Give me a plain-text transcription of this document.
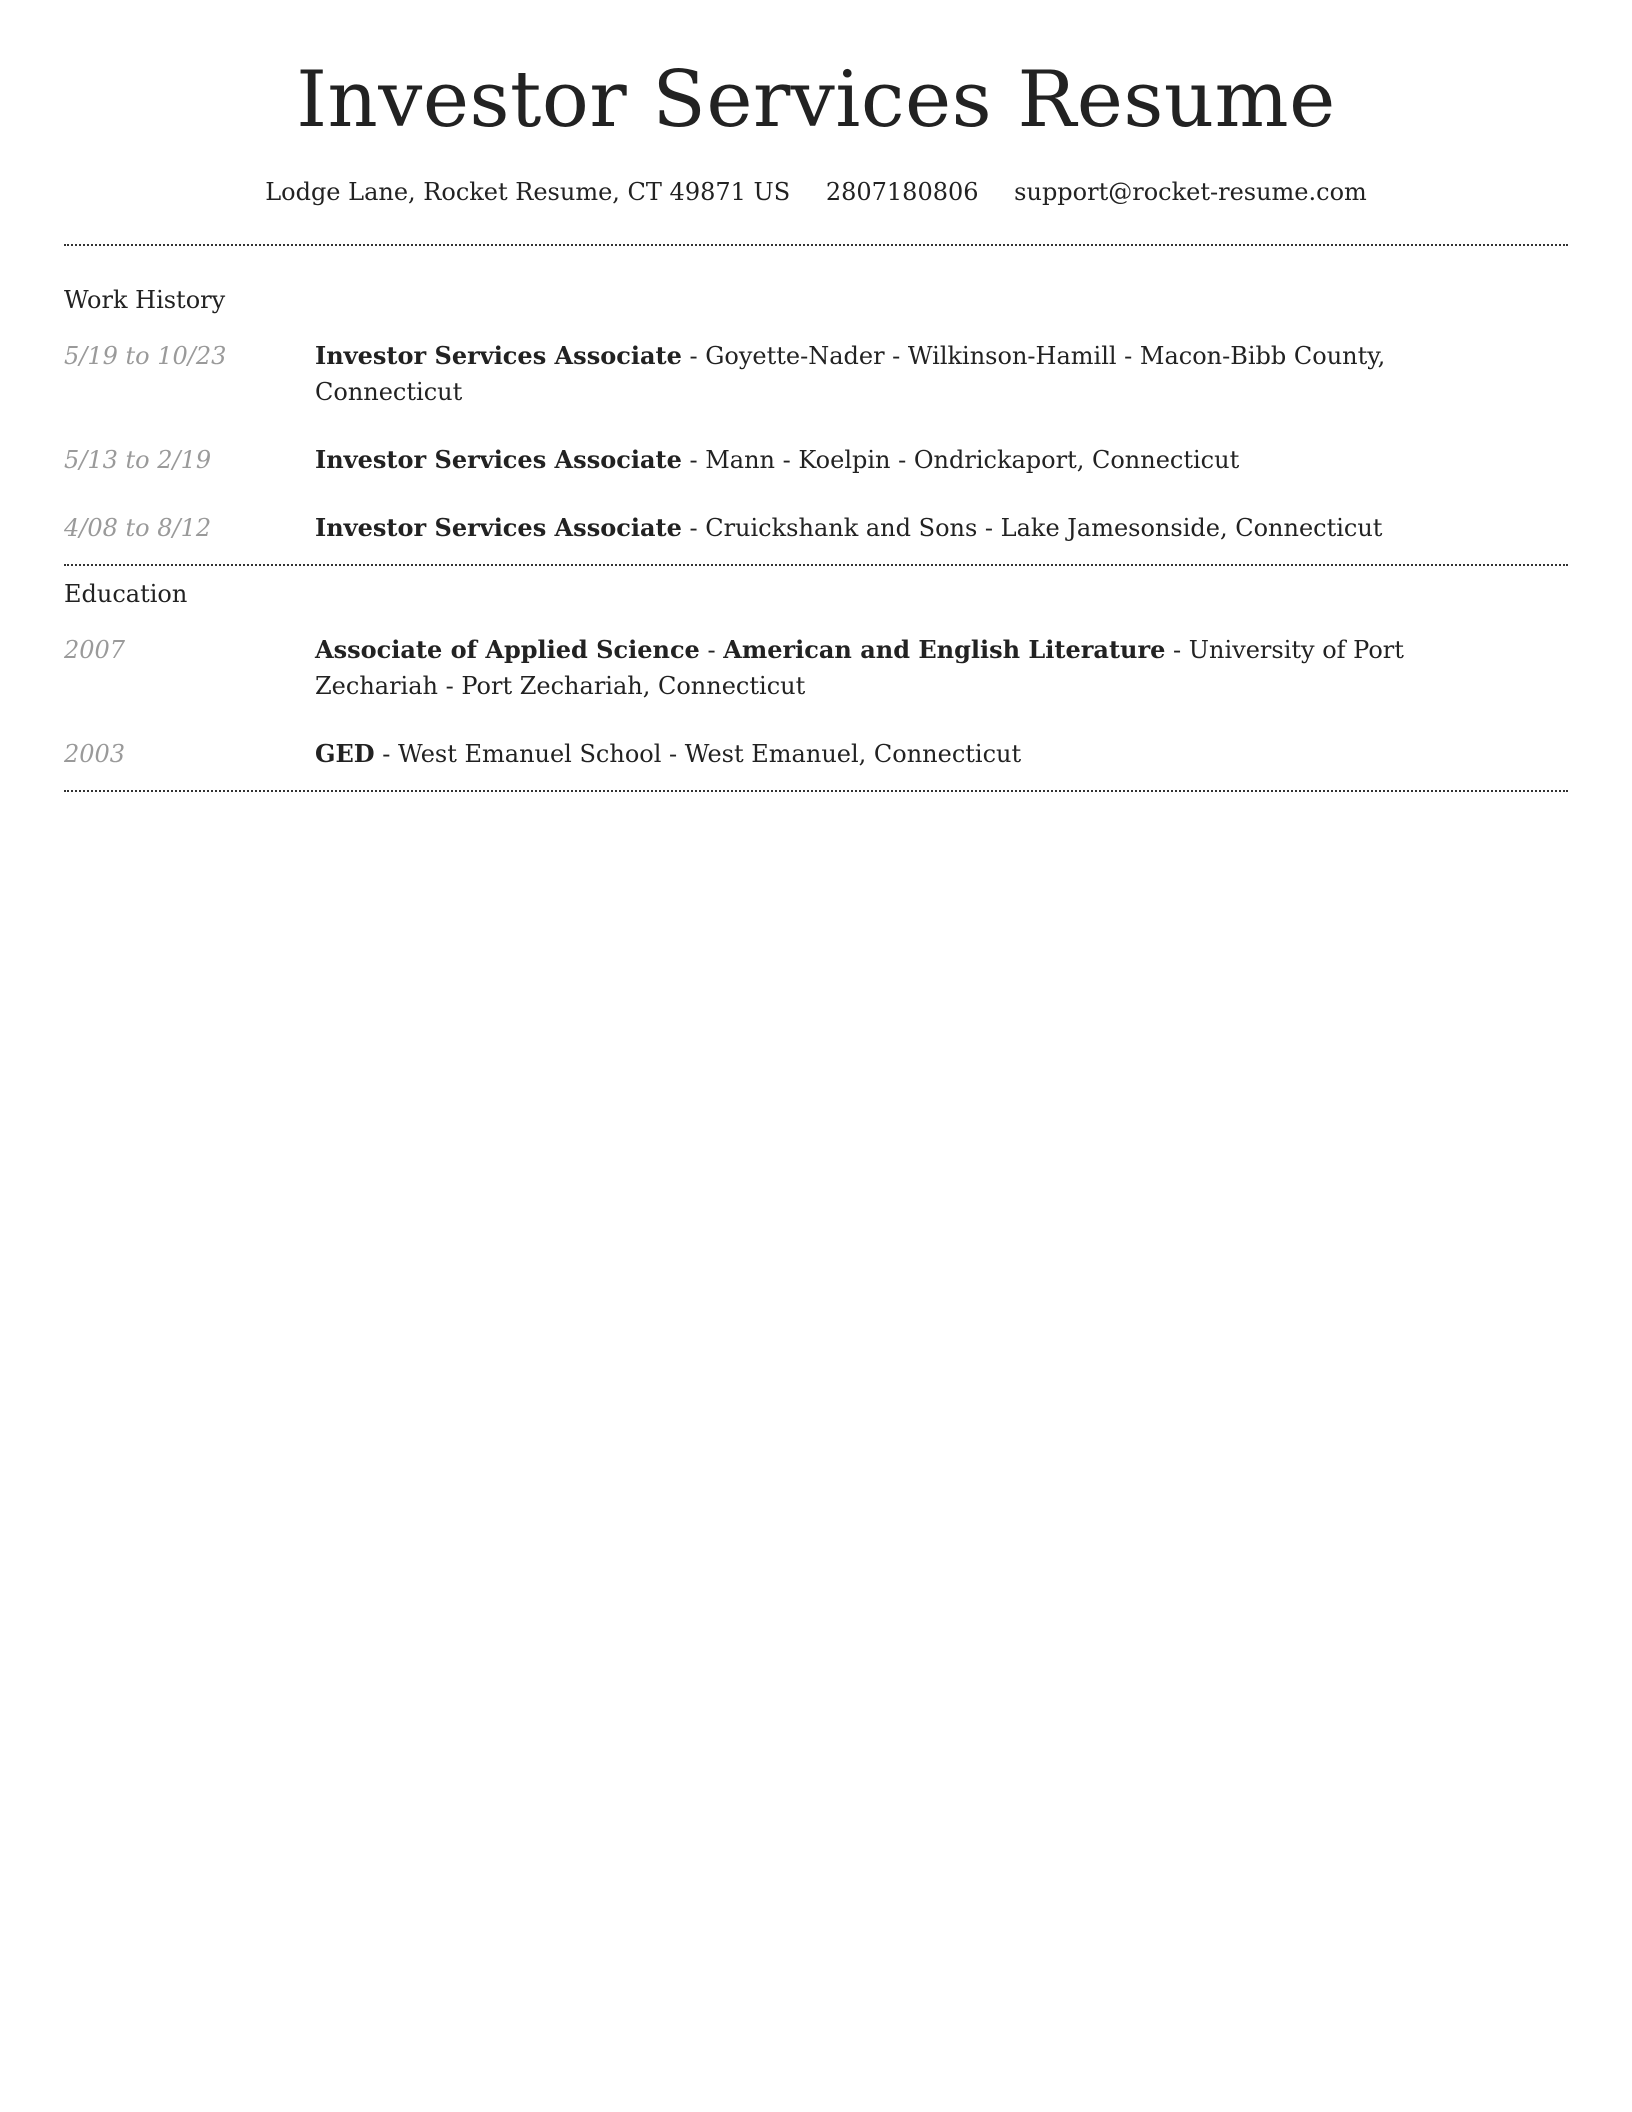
Investor Services Resume
Lodge Lane, Rocket Resume, CT 49871 US 2807180806 support@rocket-resume.com
Work History
5/19 to 10/23	Investor Services Associate - Goyette-Nader - Wilkinson-Hamill - Macon-Bibb County, Connecticut
5/13 to 2/19	Investor Services Associate - Mann - Koelpin - Ondrickaport, Connecticut
4/08 to 8/12	Investor Services Associate - Cruickshank and Sons - Lake Jamesonside, Connecticut
Education
2007	Associate of Applied Science - American and English Literature - University of Port Zechariah - Port Zechariah, Connecticut
2003	GED - West Emanuel School - West Emanuel, Connecticut
